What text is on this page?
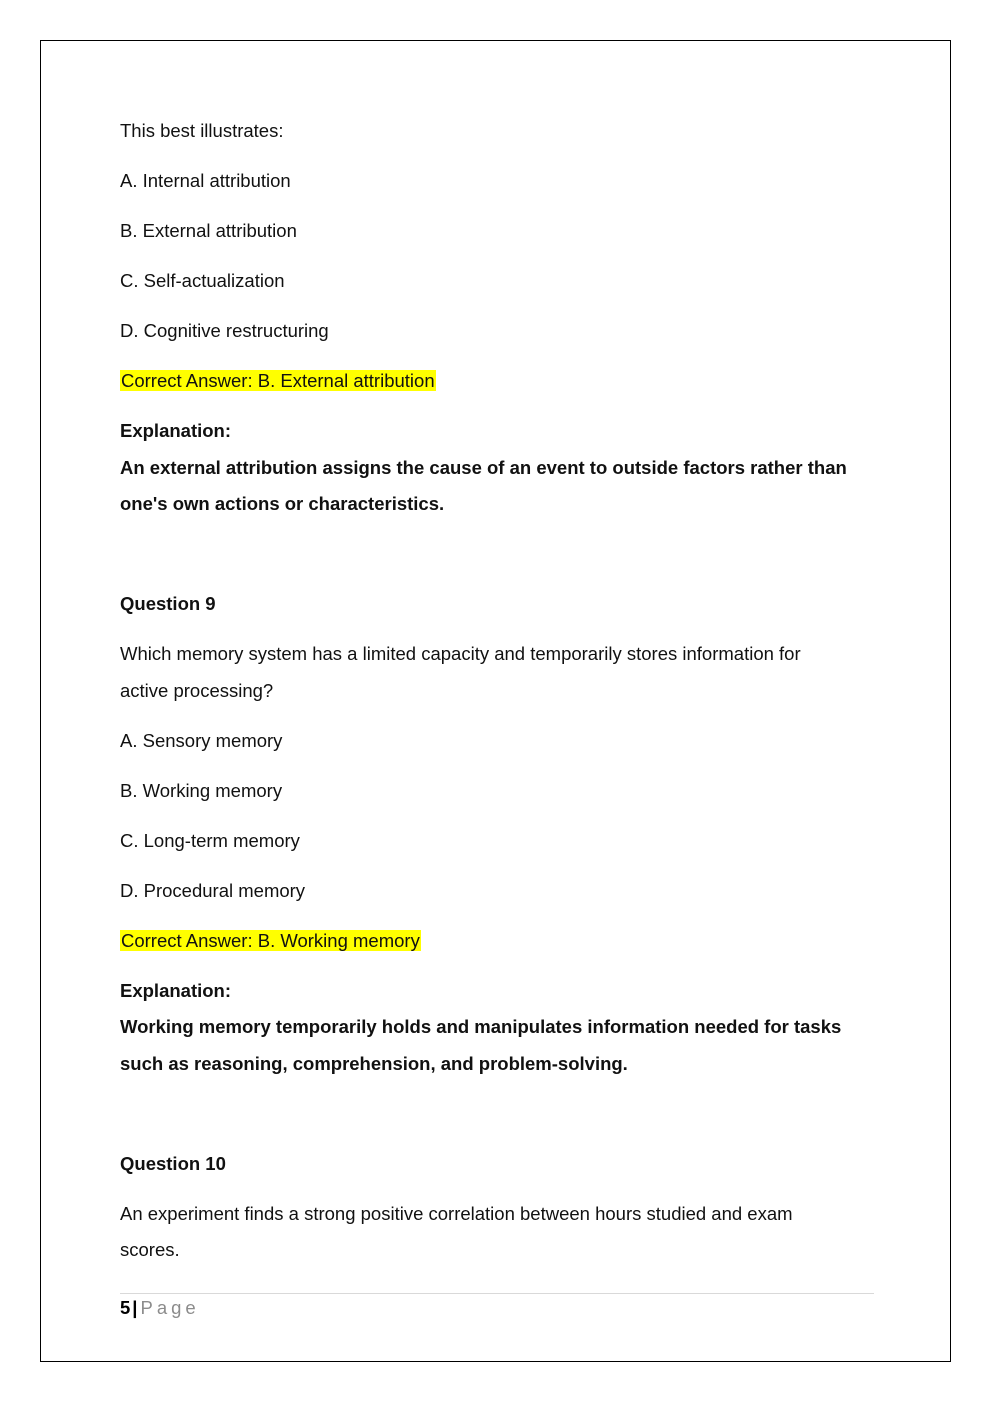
This best illustrates:

A. Internal attribution

B. External attribution

C. Self-actualization

D. Cognitive restructuring

Correct Answer: B. External attribution

Explanation:

An external attribution assigns the cause of an event to outside factors rather than

one's own actions or characteristics.

Question 9

Which memory system has a limited capacity and temporarily stores information for

active processing?

A. Sensory memory

B. Working memory

C. Long-term memory

D. Procedural memory

Correct Answer: B. Working memory

Explanation:

Working memory temporarily holds and manipulates information needed for tasks

such as reasoning, comprehension, and problem-solving.

Question 10

An experiment finds a strong positive correlation between hours studied and exam

scores.

5 | Page
